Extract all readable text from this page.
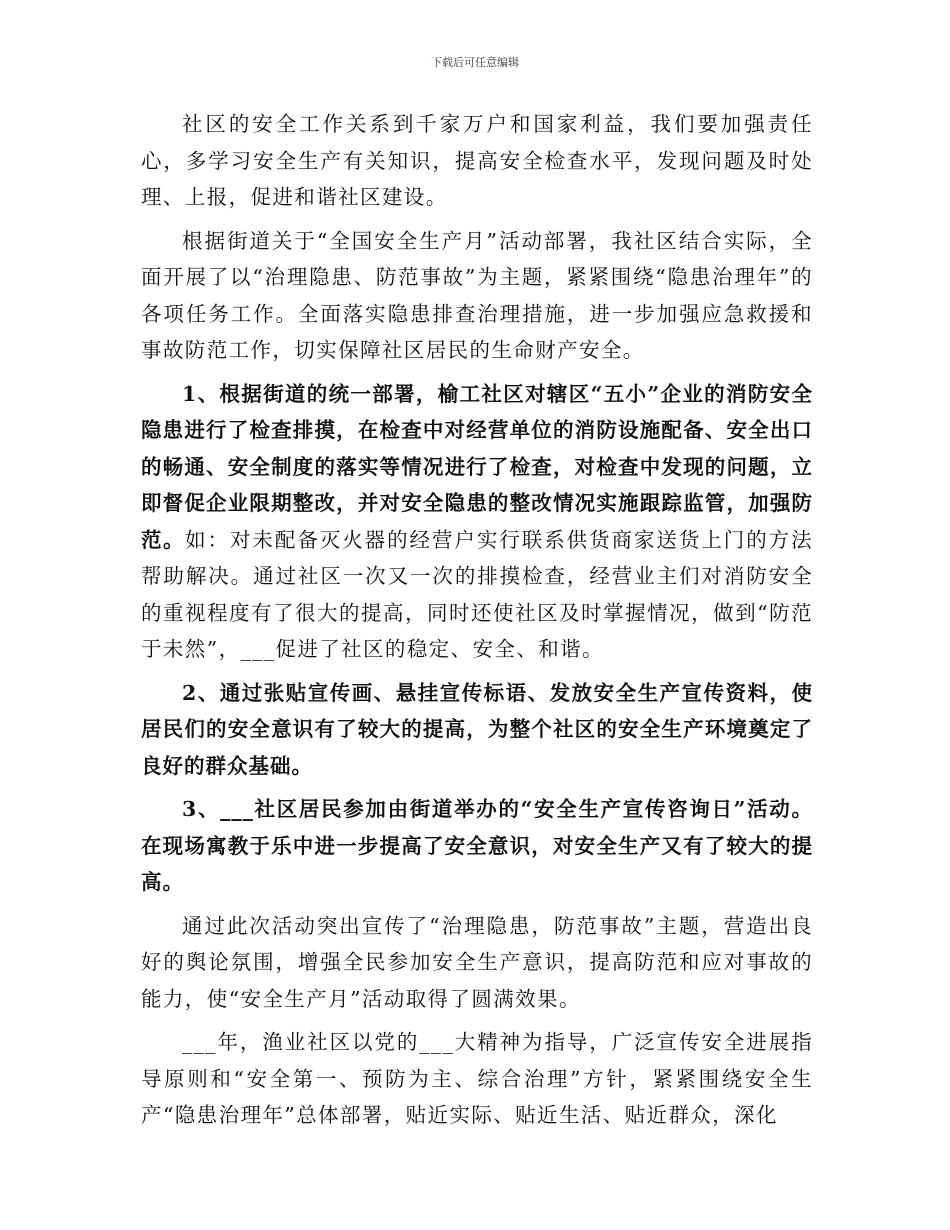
下载后可任意编辑

社区的安全工作关系到千家万户和国家利益，我们要加强责任心，多学习安全生产有关知识，提高安全检查水平，发现问题及时处理、上报，促进和谐社区建设。

根据街道关于“全国安全生产月”活动部署，我社区结合实际，全面开展了以“治理隐患、防范事故”为主题，紧紧围绕“隐患治理年”的各项任务工作。全面落实隐患排查治理措施，进一步加强应急救援和事故防范工作，切实保障社区居民的生命财产安全。

1、根据街道的统一部署，榆工社区对辖区“五小”企业的消防安全隐患进行了检查排摸，在检查中对经营单位的消防设施配备、安全出口的畅通、安全制度的落实等情况进行了检查，对检查中发现的问题，立即督促企业限期整改，并对安全隐患的整改情况实施跟踪监管，加强防范。如：对未配备灭火器的经营户实行联系供货商家送货上门的方法帮助解决。通过社区一次又一次的排摸检查，经营业主们对消防安全的重视程度有了很大的提高，同时还使社区及时掌握情况，做到“防范于未然”，___促进了社区的稳定、安全、和谐。

2、通过张贴宣传画、悬挂宣传标语、发放安全生产宣传资料，使居民们的安全意识有了较大的提高，为整个社区的安全生产环境奠定了良好的群众基础。

3、___社区居民参加由街道举办的“安全生产宣传咨询日”活动。在现场寓教于乐中进一步提高了安全意识，对安全生产又有了较大的提高。

通过此次活动突出宣传了“治理隐患，防范事故”主题，营造出良好的舆论氛围，增强全民参加安全生产意识，提高防范和应对事故的能力，使“安全生产月”活动取得了圆满效果。

___年，渔业社区以党的___大精神为指导，广泛宣传安全进展指导原则和“安全第一、预防为主、综合治理”方针，紧紧围绕安全生产“隐患治理年”总体部署，贴近实际、贴近生活、贴近群众，深化
